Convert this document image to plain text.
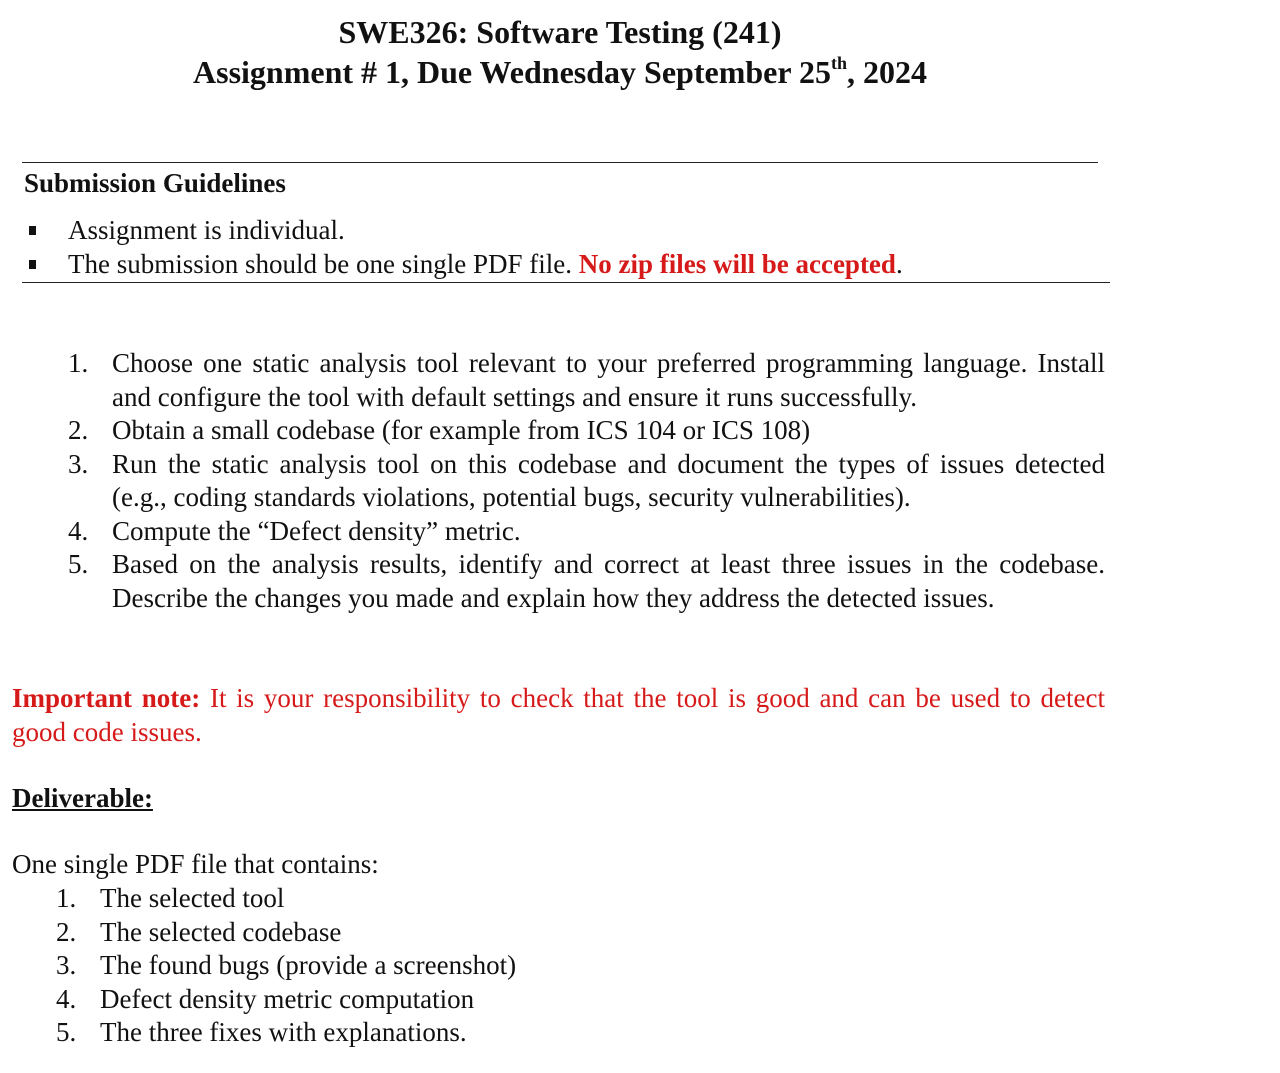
SWE326: Software Testing (241)
Assignment # 1, Due Wednesday September 25th, 2024
Submission Guidelines
Assignment is individual.
The submission should be one single PDF file. No zip files will be accepted.
1. Choose one static analysis tool relevant to your preferred programming language. Install and configure the tool with default settings and ensure it runs successfully.
2. Obtain a small codebase (for example from ICS 104 or ICS 108)
3. Run the static analysis tool on this codebase and document the types of issues detected (e.g., coding standards violations, potential bugs, security vulnerabilities).
4. Compute the “Defect density” metric.
5. Based on the analysis results, identify and correct at least three issues in the codebase. Describe the changes you made and explain how they address the detected issues.
Important note: It is your responsibility to check that the tool is good and can be used to detect good code issues.
Deliverable:
One single PDF file that contains:
1. The selected tool
2. The selected codebase
3. The found bugs (provide a screenshot)
4. Defect density metric computation
5. The three fixes with explanations.
